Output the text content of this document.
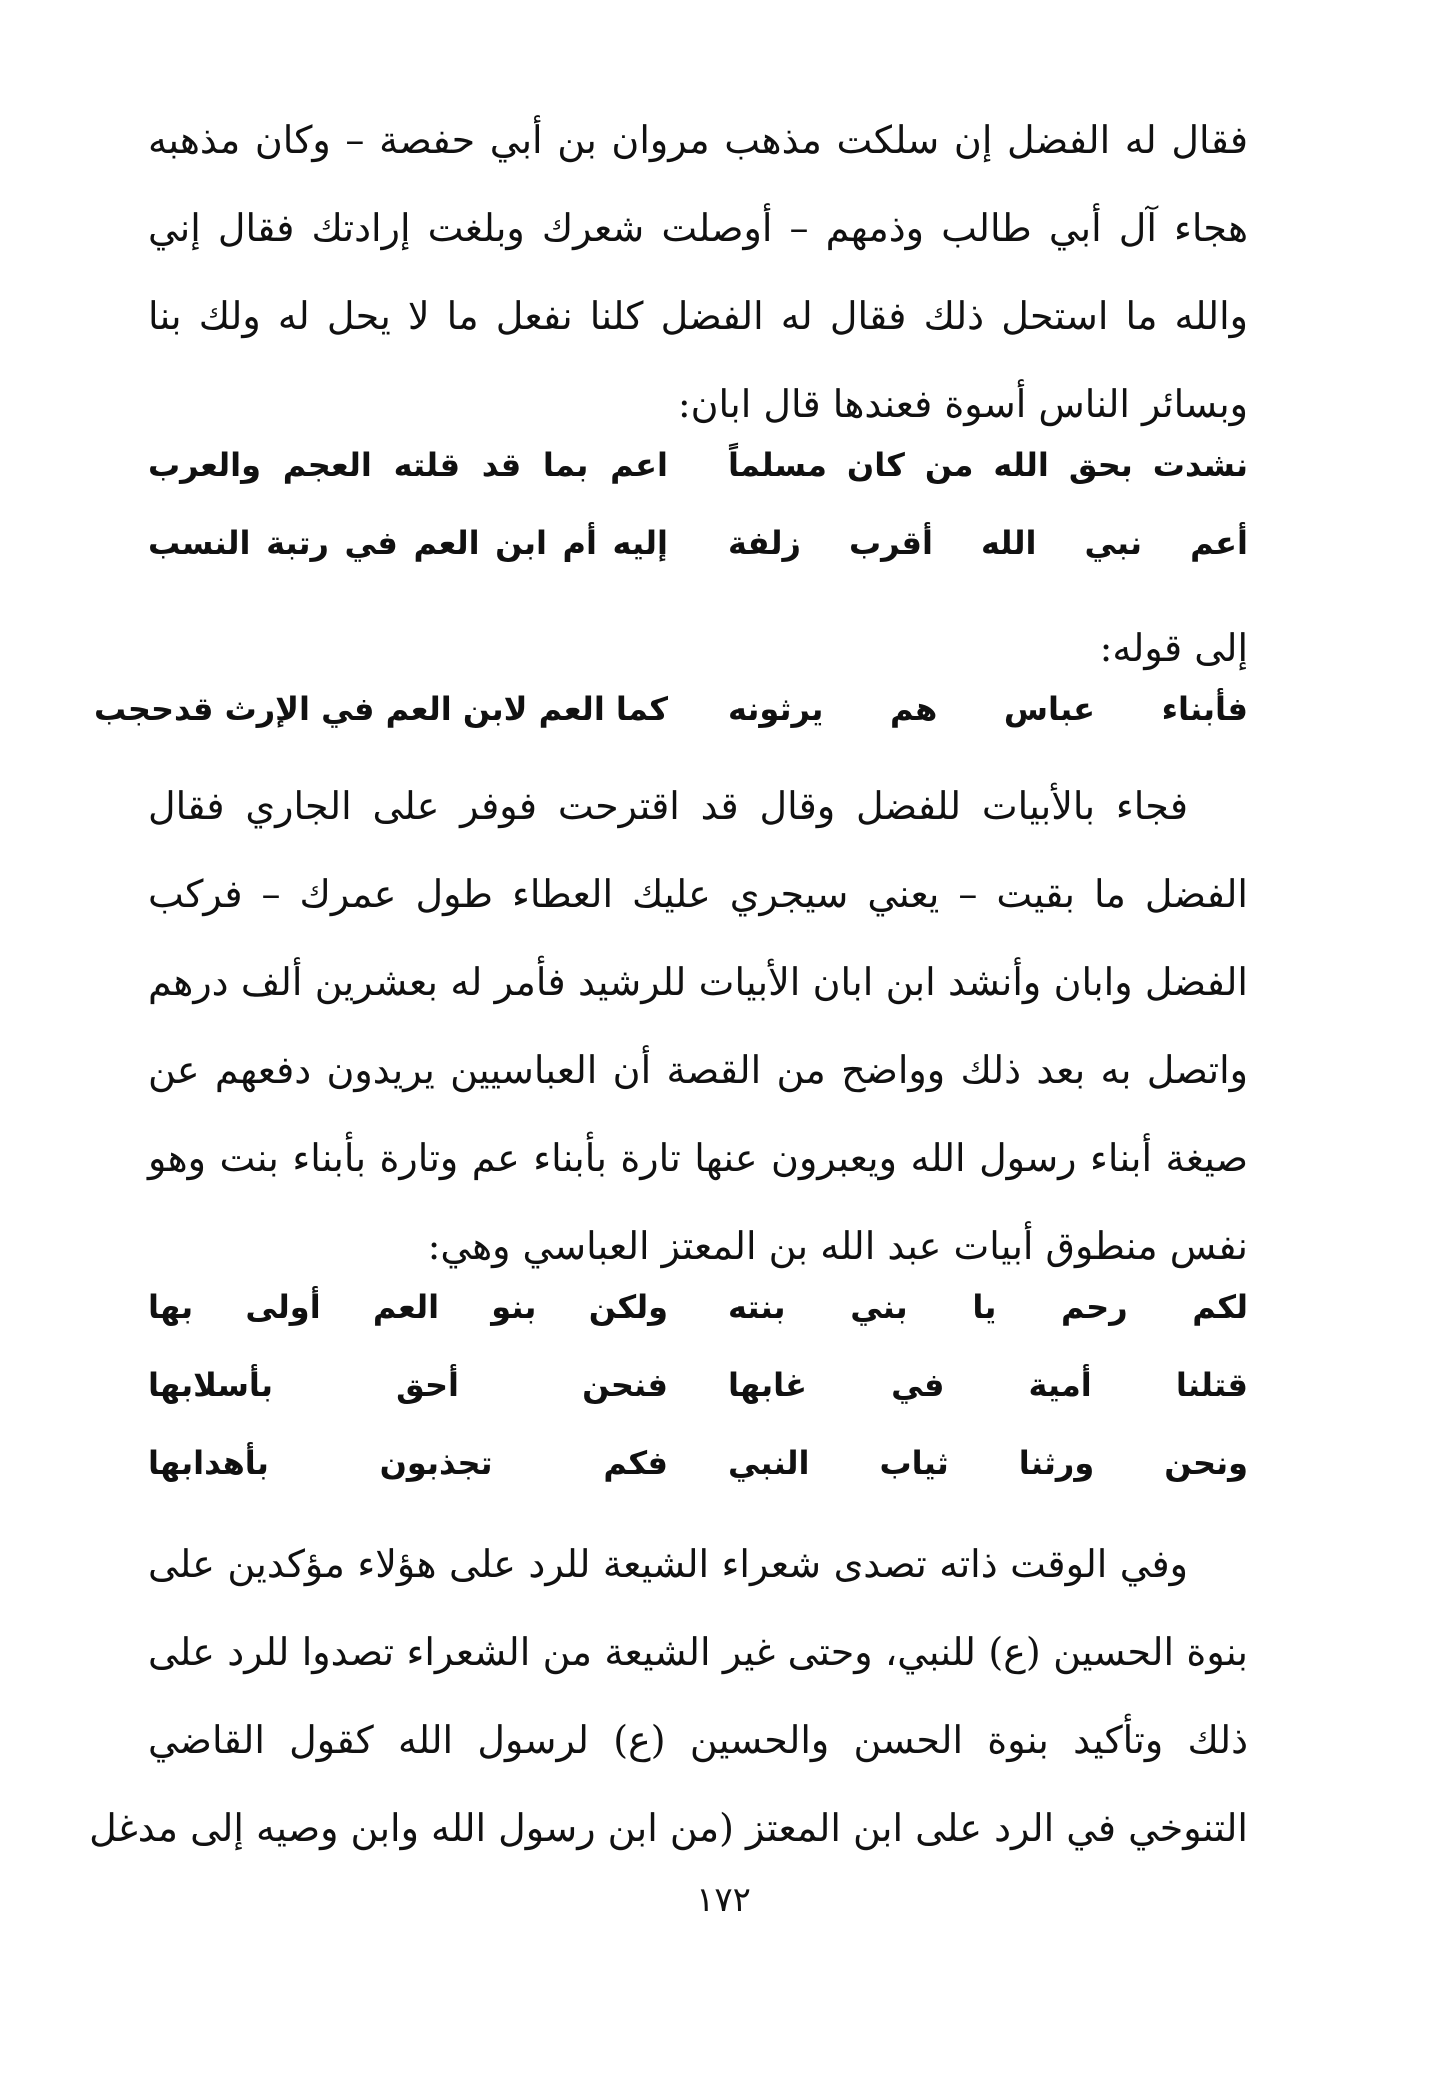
فقال له الفضل إن سلكت مذهب مروان بن أبي حفصة – وكان مذهبه
هجاء آل أبي طالب وذمهم – أوصلت شعرك وبلغت إرادتك فقال إني
والله ما استحل ذلك فقال له الفضل كلنا نفعل ما لا يحل له ولك بنا
وبسائر الناس أسوة فعندها قال ابان:
نشدت بحق الله من كان مسلماً
اعم بما قد قلته العجم والعرب
أعم نبي الله أقرب زلفة
إليه أم ابن العم في رتبة النسب
إلى قوله:
فأبناء عباس هم يرثونه
كما العم لابن العم في الإرث قدحجب
فجاء بالأبيات للفضل وقال قد اقترحت فوفر على الجاري فقال
الفضل ما بقيت – يعني سيجري عليك العطاء طول عمرك – فركب
الفضل وابان وأنشد ابن ابان الأبيات للرشيد فأمر له بعشرين ألف درهم
واتصل به بعد ذلك وواضح من القصة أن العباسيين يريدون دفعهم عن
صيغة أبناء رسول الله ويعبرون عنها تارة بأبناء عم وتارة بأبناء بنت وهو
نفس منطوق أبيات عبد الله بن المعتز العباسي وهي:
لكم رحم يا بني بنته
ولكن بنو العم أولى بها
قتلنا أمية في غابها
فنحن أحق بأسلابها
ونحن ورثنا ثياب النبي
فكم تجذبون بأهدابها
وفي الوقت ذاته تصدى شعراء الشيعة للرد على هؤلاء مؤكدين على
بنوة الحسين (ع) للنبي، وحتى غير الشيعة من الشعراء تصدوا للرد على
ذلك وتأكيد بنوة الحسن والحسين (ع) لرسول الله كقول القاضي
التنوخي في الرد على ابن المعتز (من ابن رسول الله وابن وصيه إلى مدغل
١٧٢
